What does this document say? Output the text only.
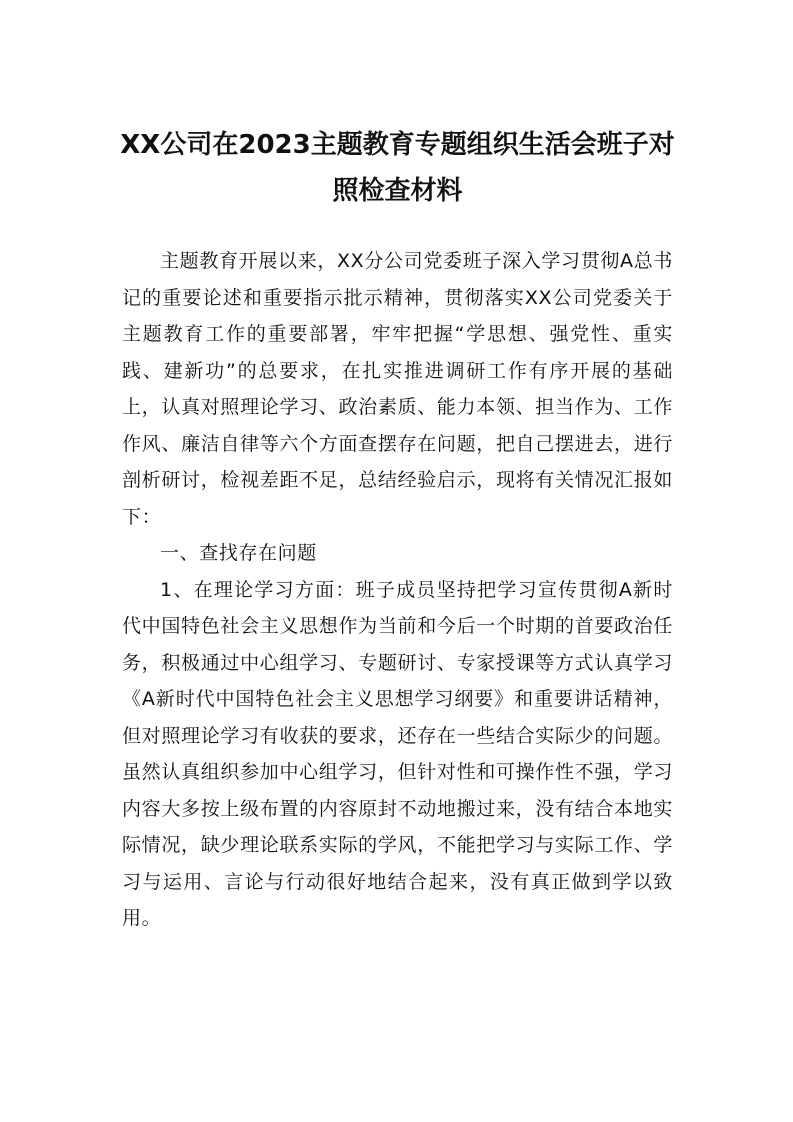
XX公司在2023主题教育专题组织生活会班子对照检查材料

主题教育开展以来，XX分公司党委班子深入学习贯彻A总书记的重要论述和重要指示批示精神，贯彻落实XX公司党委关于主题教育工作的重要部署，牢牢把握“学思想、强党性、重实践、建新功”的总要求，在扎实推进调研工作有序开展的基础上，认真对照理论学习、政治素质、能力本领、担当作为、工作作风、廉洁自律等六个方面查摆存在问题，把自己摆进去，进行剖析研讨，检视差距不足，总结经验启示，现将有关情况汇报如下：

一、查找存在问题

1、在理论学习方面：班子成员坚持把学习宣传贯彻A新时代中国特色社会主义思想作为当前和今后一个时期的首要政治任务，积极通过中心组学习、专题研讨、专家授课等方式认真学习《A新时代中国特色社会主义思想学习纲要》和重要讲话精神，但对照理论学习有收获的要求，还存在一些结合实际少的问题。虽然认真组织参加中心组学习，但针对性和可操作性不强，学习内容大多按上级布置的内容原封不动地搬过来，没有结合本地实际情况，缺少理论联系实际的学风，不能把学习与实际工作、学习与运用、言论与行动很好地结合起来，没有真正做到学以致用。
